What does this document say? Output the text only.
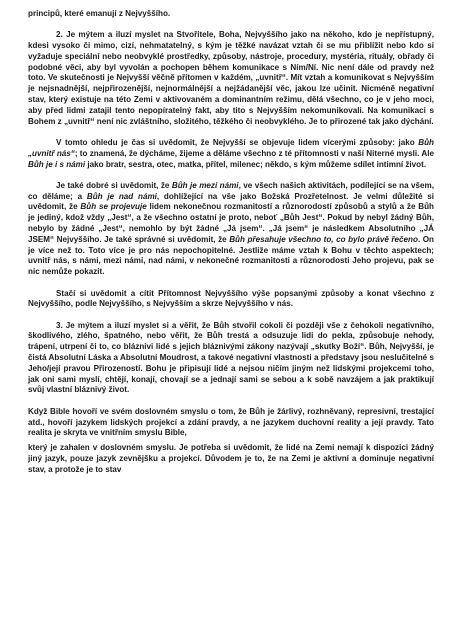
principů, které emanují z Nejvyššího.

2. Je mýtem a iluzí myslet na Stvořitele, Boha, Nejvyššího jako na někoho, kdo je nepřístupný, kdesi vysoko či mimo, cizí, nehmatatelný, s kým je těžké navázat vztah či se mu přiblížit nebo kdo si vyžaduje speciální nebo neobvyklé prostředky, způsoby, nástroje, procedury, mystéria, rituály, obřady či podobné věci, aby byl vyvolán a pochopen během komunikace s Ním/Ní. Nic není dále od pravdy než toto. Ve skutečnosti je Nejvyšší věčně přítomen v každém, „uvnitř“. Mít vztah a komunikovat s Nejvyšším je nejsnadnější, nejpřirozenější, nejnormálnější a nejžádanější věc, jakou lze učinit. Nicméně negativní stav, který existuje na této Zemi v aktivovaném a dominantním režimu, dělá všechno, co je v jeho moci, aby před lidmi zatajil tento nepopíratelný fakt, aby tito s Nejvyšším nekomunikovali. Na komunikaci s Bohem z „uvnitř“ není nic zvláštního, složitého, těžkého či neobvyklého. Je to přirozené tak jako dýchání.

V tomto ohledu je čas si uvědomit, že Nejvyšší se objevuje lidem vícerými způsoby: jako Bůh „uvnitř nás“; to znamená, že dýcháme, žijeme a děláme všechno z té přítomnosti v naší Niterné mysli. Ale Bůh je i s námi jako bratr, sestra, otec, matka, přítel, milenec; někdo, s kým můžeme sdílet intimní život.

Je také dobré si uvědomit, že Bůh je mezi námi, ve všech našich aktivitách, podílející se na všem, co děláme; a Bůh je nad námi, dohlížející na vše jako Božská Prozřetelnost. Je velmi důležité si uvědomit, že Bůh se projevuje lidem nekonečnou rozmanitostí a různorodostí způsobů a stylů a že Bůh je jediný, kdož vždy „Jest“, a že všechno ostatní je proto, neboť „Bůh Jest“. Pokud by nebyl žádný Bůh, nebylo by žádné „Jest“, nemohlo by být žádné „Já jsem“. „Já jsem“ je následkem Absolutního „JÁ JSEM“ Nejvyššího. Je také správné si uvědomit, že Bůh přesahuje všechno to, co bylo právě řečeno. On je více než to. Toto více je pro nás nepochopitelné. Jestliže máme vztah k Bohu v těchto aspektech; uvnitř nás, s námi, mezi námi, nad námi, v nekonečné rozmanitosti a různorodosti Jeho projevu, pak se nic nemůže pokazit.

Stačí si uvědomit a cítit Přítomnost Nejvyššího výše popsanými způsoby a konat všechno z Nejvyššího, podle Nejvyššího, s Nejvyšším a skrze Nejvyššího v nás.

3. Je mýtem a iluzí myslet si a věřit, že Bůh stvořil cokoli či později vše z čehokoli negativního, škodlivého, zlého, špatného, nebo věřit, že Bůh trestá a odsuzuje lidi do pekla, způsobuje nehody, trápení, utrpení či to, co bláznivi lidé s jejich bláznivými zákony nazývají „skutky Boží“. Bůh, Nejvyšší, je čistá Absolutní Láska a Absolutní Moudrost, a takové negativní vlastnosti a představy jsou neslučitelné s Jeho/její pravou Přirozeností. Bohu je připisují lidé a nejsou ničím jiným než lidskými projekcemi toho, jak oni sami myslí, chtějí, konají, chovají se a jednají sami se sebou a k sobě navzájem a jak praktikují svůj vlastní bláznivý život.

Když Bible hovoří ve svém doslovném smyslu o tom, že Bůh je žárlivý, rozhněvaný, represivní, trestající atd., hovoří jazykem lidských projekcí a zdání pravdy, a ne jazykem duchovní reality a její pravdy. Tato realita je skryta ve vnitřním smyslu Bible,

který je zahalen v doslovném smyslu. Je potřeba si uvědomit, že lidé na Zemi nemají k dispozici žádný jiný jazyk, pouze jazyk zevnějšku a projekcí. Důvodem je to, že na Zemi je aktivní a dominuje negativní stav, a protože je to stav
